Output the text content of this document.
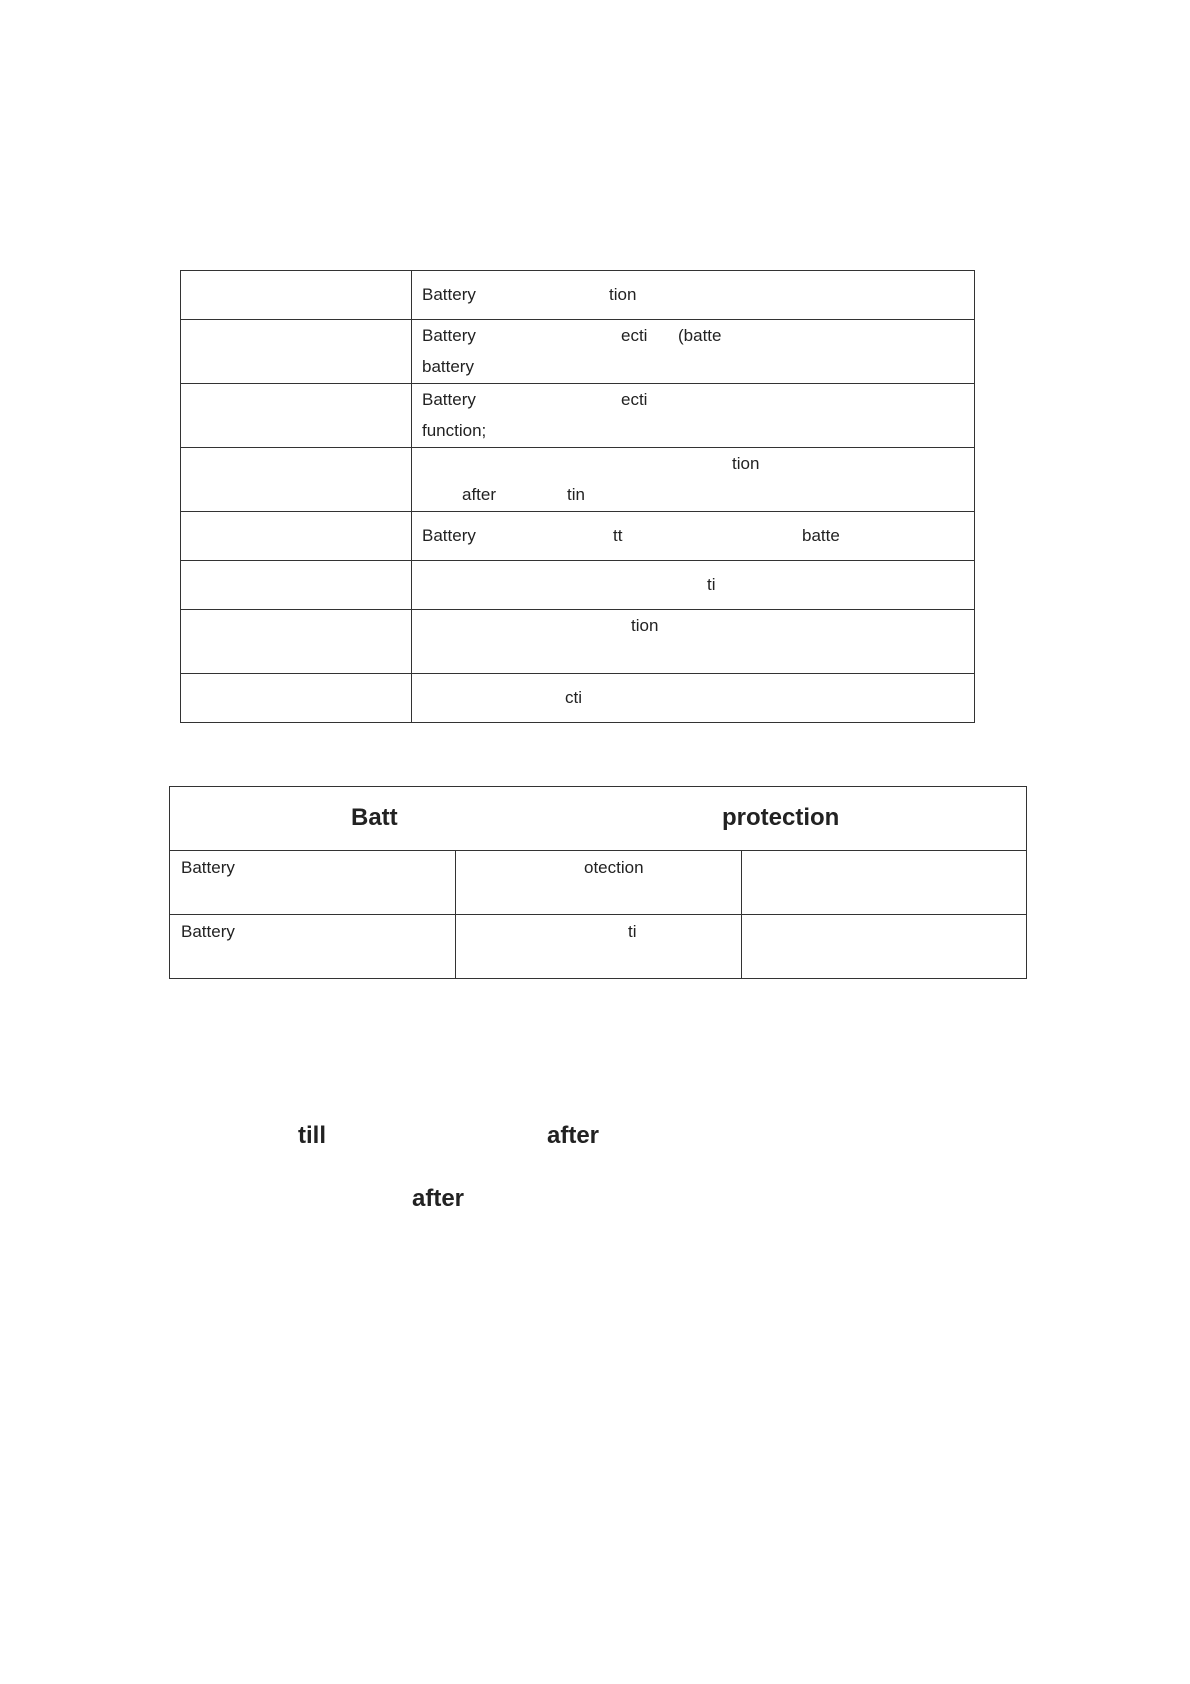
	Battery tion

	Battery ecti (batte
battery

	Battery ecti
function;

	tion
after tin

	Battery tt batte

	ti

	tion

	cti
Batt protection		

Battery	otection	

Battery	ti	

till	after
after
